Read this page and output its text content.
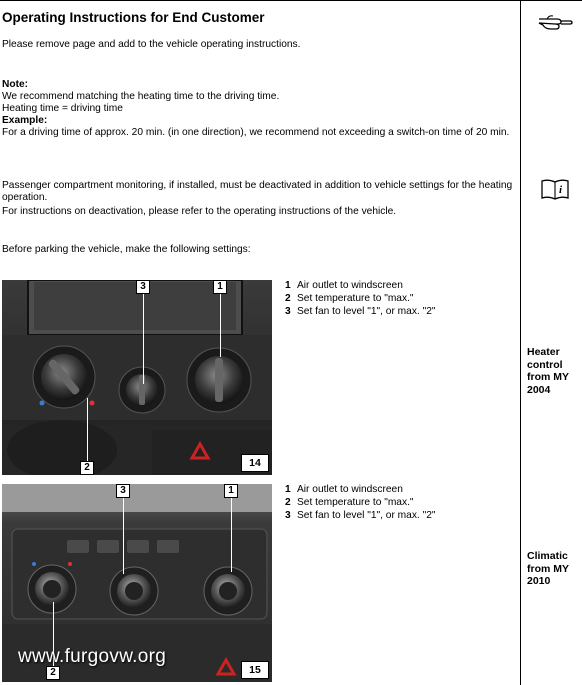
Operating Instructions for End Customer
Please remove page and add to the vehicle operating instructions.
Note:
We recommend matching the heating time to the driving time.
Heating time = driving time
Example:
For a driving time of approx. 20 min. (in one direction), we recommend not exceeding a switch-on time of 20 min.
Passenger compartment monitoring, if installed, must be deactivated in addition to vehicle settings for the heating operation.
For instructions on deactivation, please refer to the operating instructions of the vehicle.
Before parking the vehicle, make the following settings:
i
3	1
2	14
1 Air outlet to windscreen
2 Set temperature to "max."
3 Set fan to level "1", or max. "2"
Heater
control
from MY
2004
3	1
2	15
1 Air outlet to windscreen
2 Set temperature to "max."
3 Set fan to level "1", or max. "2"
Climatic
from MY
2010
www.furgovw.org
